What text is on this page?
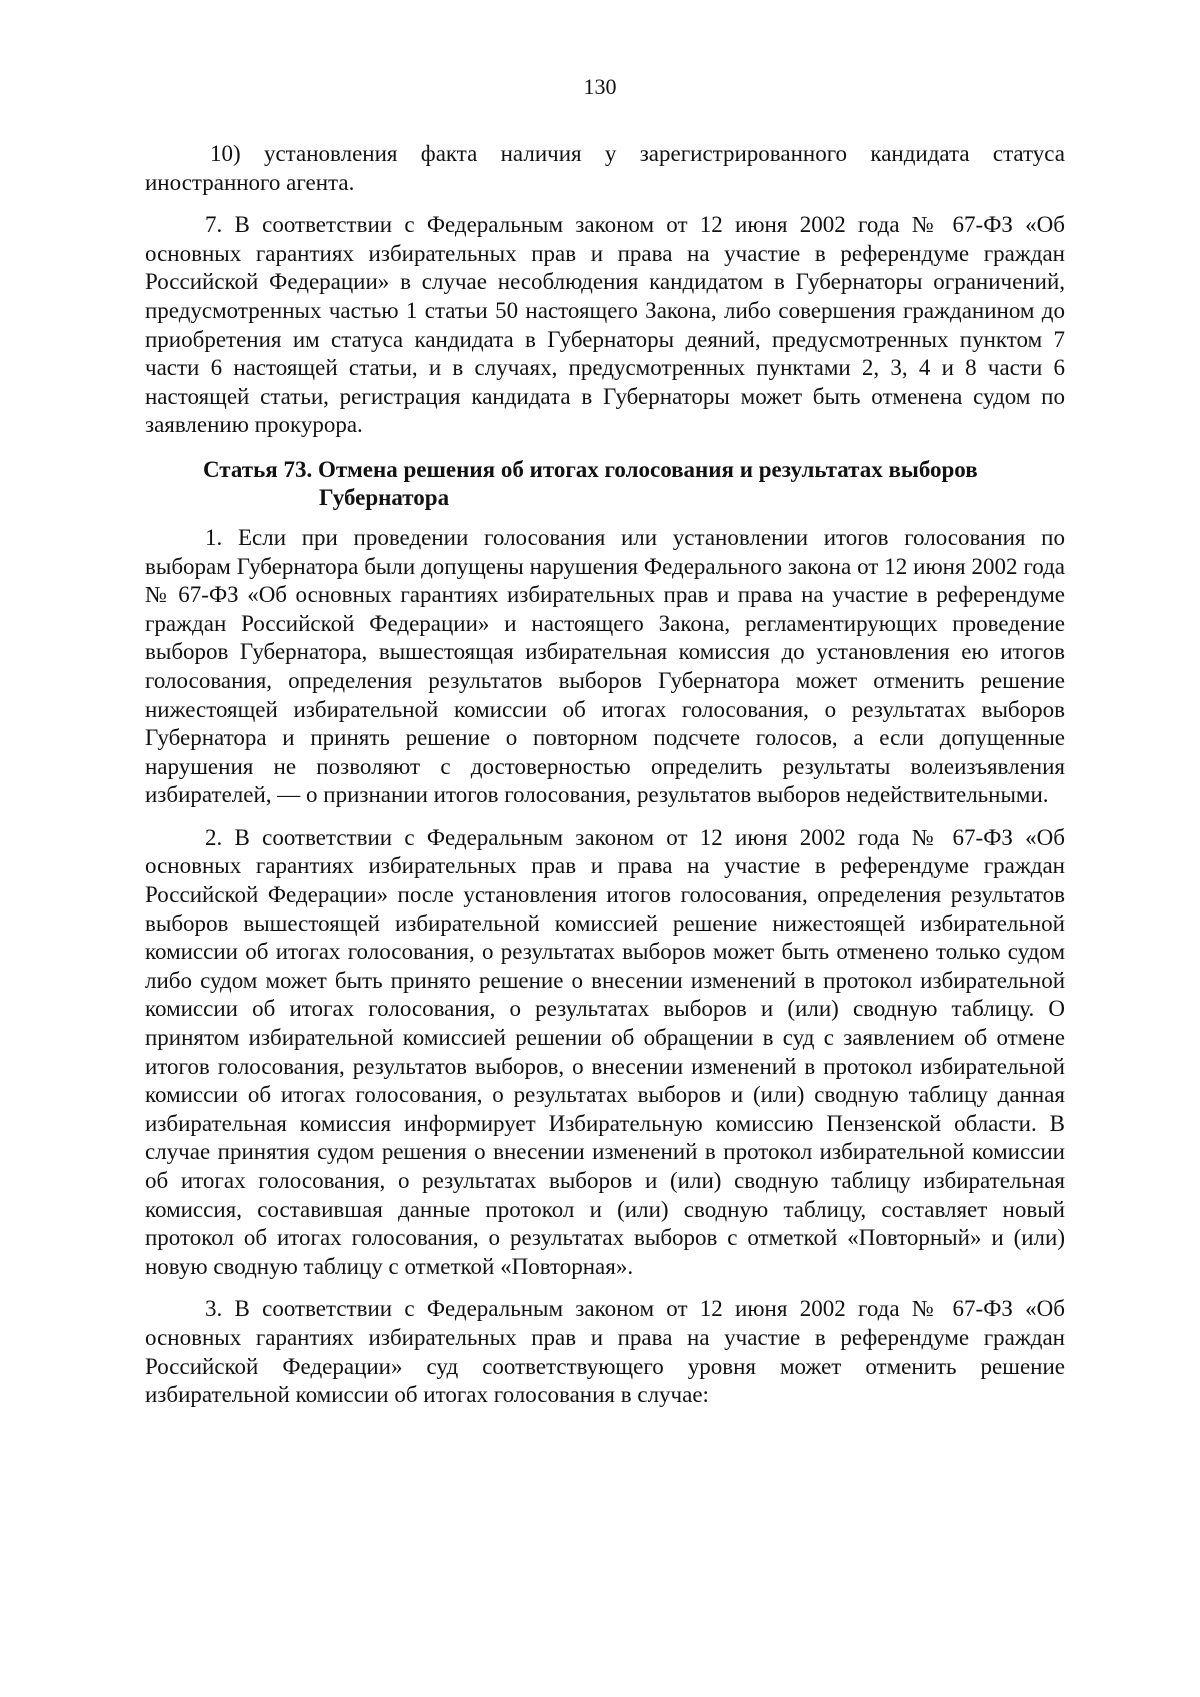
130

10) установления факта наличия у зарегистрированного кандидата статуса иностранного агента.

7. В соответствии с Федеральным законом от 12 июня 2002 года № 67-ФЗ «Об основных гарантиях избирательных прав и права на участие в референдуме граждан Российской Федерации» в случае несоблюдения кандидатом в Губернаторы ограничений, предусмотренных частью 1 статьи 50 настоящего Закона, либо совершения гражданином до приобретения им статуса кандидата в Губернаторы деяний, предусмотренных пунктом 7 части 6 настоящей статьи, и в случаях, предусмотренных пунктами 2, 3, 4 и 8 части 6 настоящей статьи, регистрация кандидата в Губернаторы может быть отменена судом по заявлению прокурора.

Статья 73. Отмена решения об итогах голосования и результатах выборов
Губернатора

1. Если при проведении голосования или установлении итогов голосования по выборам Губернатора были допущены нарушения Федерального закона от 12 июня 2002 года № 67-ФЗ «Об основных гарантиях избирательных прав и права на участие в референдуме граждан Российской Федерации» и настоящего Закона, регламентирующих проведение выборов Губернатора, вышестоящая избирательная комиссия до установления ею итогов голосования, определения результатов выборов Губернатора может отменить решение нижестоящей избирательной комиссии об итогах голосования, о результатах выборов Губернатора и принять решение о повторном подсчете голосов, а если допущенные нарушения не позволяют с достоверностью определить результаты волеизъявления избирателей, — о признании итогов голосования, результатов выборов недействительными.

2. В соответствии с Федеральным законом от 12 июня 2002 года № 67-ФЗ «Об основных гарантиях избирательных прав и права на участие в референдуме граждан Российской Федерации» после установления итогов голосования, определения результатов выборов вышестоящей избирательной комиссией решение нижестоящей избирательной комиссии об итогах голосования, о результатах выборов может быть отменено только судом либо судом может быть принято решение о внесении изменений в протокол избирательной комиссии об итогах голосования, о результатах выборов и (или) сводную таблицу. О принятом избирательной комиссией решении об обращении в суд с заявлением об отмене итогов голосования, результатов выборов, о внесении изменений в протокол избирательной комиссии об итогах голосования, о результатах выборов и (или) сводную таблицу данная избирательная комиссия информирует Избирательную комиссию Пензенской области. В случае принятия судом решения о внесении изменений в протокол избирательной комиссии об итогах голосования, о результатах выборов и (или) сводную таблицу избирательная комиссия, составившая данные протокол и (или) сводную таблицу, составляет новый протокол об итогах голосования, о результатах выборов с отметкой «Повторный» и (или) новую сводную таблицу с отметкой «Повторная».

3. В соответствии с Федеральным законом от 12 июня 2002 года № 67-ФЗ «Об основных гарантиях избирательных прав и права на участие в референдуме граждан Российской Федерации» суд соответствующего уровня может отменить решение избирательной комиссии об итогах голосования в случае:
